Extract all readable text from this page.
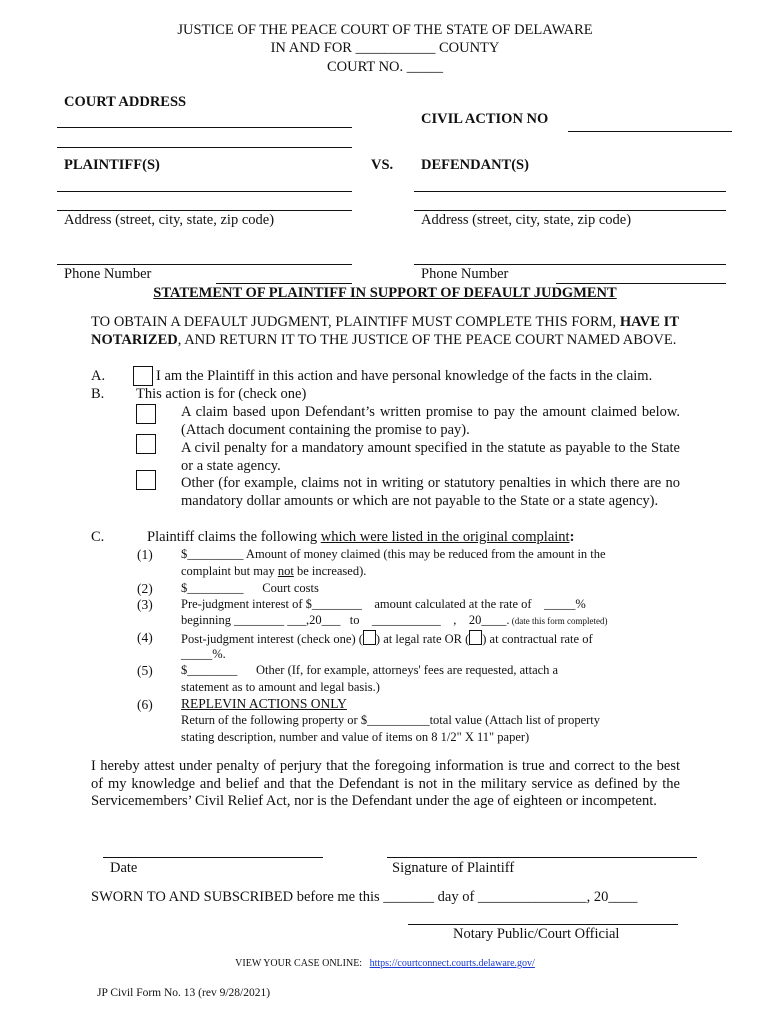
JUSTICE OF THE PEACE COURT OF THE STATE OF DELAWARE
IN AND FOR ___________ COUNTY
COURT NO. _____
COURT ADDRESS
CIVIL ACTION NO
PLAINTIFF(S)	VS. DEFENDANT(S)
Address (street, city, state, zip code)	Address (street, city, state, zip code)
Phone Number	Phone Number
STATEMENT OF PLAINTIFF IN SUPPORT OF DEFAULT JUDGMENT
TO OBTAIN A DEFAULT JUDGMENT, PLAINTIFF MUST COMPLETE THIS FORM, HAVE IT NOTARIZED, AND RETURN IT TO THE JUSTICE OF THE PEACE COURT NAMED ABOVE.
A.	I am the Plaintiff in this action and have personal knowledge of the facts in the claim.
B. This action is for (check one)
A claim based upon Defendant’s written promise to pay the amount claimed below. (Attach document containing the promise to pay).
A civil penalty for a mandatory amount specified in the statute as payable to the State or a state agency.
Other (for example, claims not in writing or statutory penalties in which there are no mandatory dollar amounts or which are not payable to the State or a state agency).
C.	Plaintiff claims the following which were listed in the original complaint:
(1) $_________ Amount of money claimed (this may be reduced from the amount in the
complaint but may not be increased).
(2) $_________      Court costs
(3) Pre-judgment interest of $________    amount calculated at the rate of    _____%
beginning ________ ___,20___   to    ___________    ,    20____. (date this form completed)
(4) Post-judgment interest (check one) ( ) at legal rate OR ( ) at contractual rate of
_____%.
(5) $________      Other (If, for example, attorneys' fees are requested, attach a
statement as to amount and legal basis.)
(6) REPLEVIN ACTIONS ONLY
Return of the following property or $__________total value (Attach list of property
stating description, number and value of items on 8 1/2" X 11" paper)
I hereby attest under penalty of perjury that the foregoing information is true and correct to the best of my knowledge and belief and that the Defendant is not in the military service as defined by the Servicemembers’ Civil Relief Act, nor is the Defendant under the age of eighteen or incompetent.
Date	Signature of Plaintiff
SWORN TO AND SUBSCRIBED before me this _______ day of _______________, 20____
Notary Public/Court Official
VIEW YOUR CASE ONLINE: https://courtconnect.courts.delaware.gov/
JP Civil Form No. 13 (rev 9/28/2021)
